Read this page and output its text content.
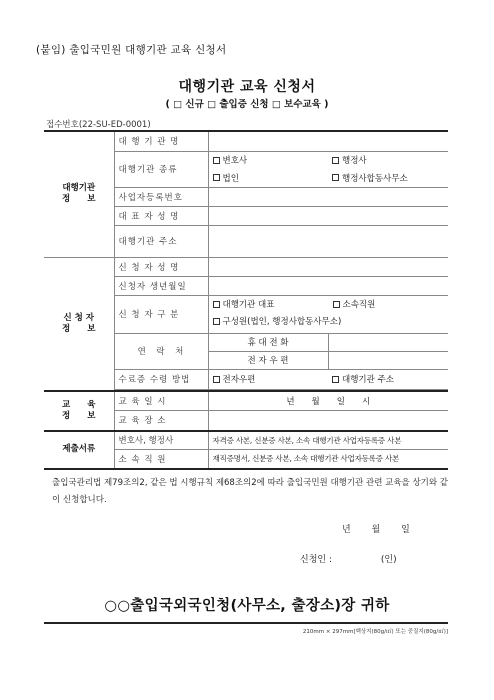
(붙임) 출입국민원 대행기관 교육 신청서
대행기관 교육 신청서
( □ 신규 □ 출입증 신청 □ 보수교육 )
접수번호(22-SU-ED-0001)
대행기관
정　　보	대 행 기 관 명		
	대행기관 종류	변호사	행정사
		법인	행정사합동사무소
	사업자등록번호		
	대 표 자 성 명		
	대행기관 주소		

신 청 자
정　　보	신 청 자 성 명		
	신청자 생년월일		
	신 청 자 구 분	대행기관 대표 소속직원
구성원(법인, 행정사합동사무소)	

	연　락　처	휴 대 전 화	
		전 자 우 편	
	수료증 수령 방법	전자우편	대행기관 주소

교　　육
정　　보	교 육 일 시	년　　월　　일　　시	
	교 육 장 소		
제출서류	변호사, 행정사	자격증 사본, 신분증 사본, 소속 대행기관 사업자등록증 사본	
	소 속 직 원	재직증명서, 신분증 사본, 소속 대행기관 사업자등록증 사본	
출입국관리법 제79조의2, 같은 법 시행규칙 제68조의2에 따라 출입국민원 대행기관 관련 교육을 상기와 같이 신청합니다.
년 월 일
신청인 :	(인)
○○출입국외국인청(사무소, 출장소)장 귀하
210mm × 297mm[백상지(80g/㎡) 또는 중질지(80g/㎡)]
